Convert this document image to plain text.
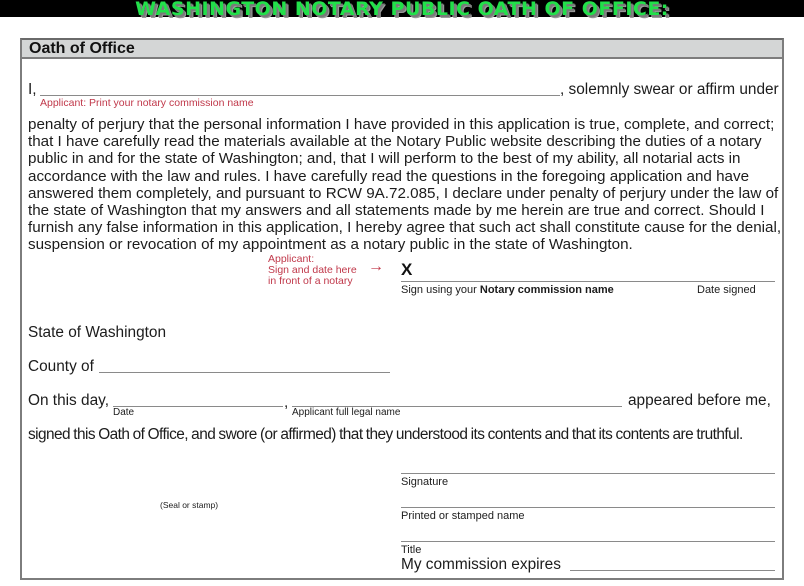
WASHINGTON NOTARY PUBLIC OATH OF OFFICE:
Oath of Office
I,
Applicant: Print your notary commission name
, solemnly swear or affirm under
penalty of perjury that the personal information I have provided in this application is true, complete, and correct;
that I have carefully read the materials available at the Notary Public website describing the duties of a notary
public in and for the state of Washington; and, that I will perform to the best of my ability, all notarial acts in
accordance with the law and rules. I have carefully read the questions in the foregoing application and have
answered them completely, and pursuant to RCW 9A.72.085, I declare under penalty of perjury under the law of
the state of Washington that my answers and all statements made by me herein are true and correct. Should I
furnish any false information in this application, I hereby agree that such act shall constitute cause for the denial,
suspension or revocation of my appointment as a notary public in the state of Washington.
Applicant:
Sign and date here
in front of a notary
→ X
Sign using your Notary commission name	Date signed
State of Washington
County of
On this day,
Date
,
Applicant full legal name
appeared before me,
signed this Oath of Office, and swore (or affirmed) that they understood its contents and that its contents are truthful.
(Seal or stamp)
Signature
Printed or stamped name
Title
My commission expires
